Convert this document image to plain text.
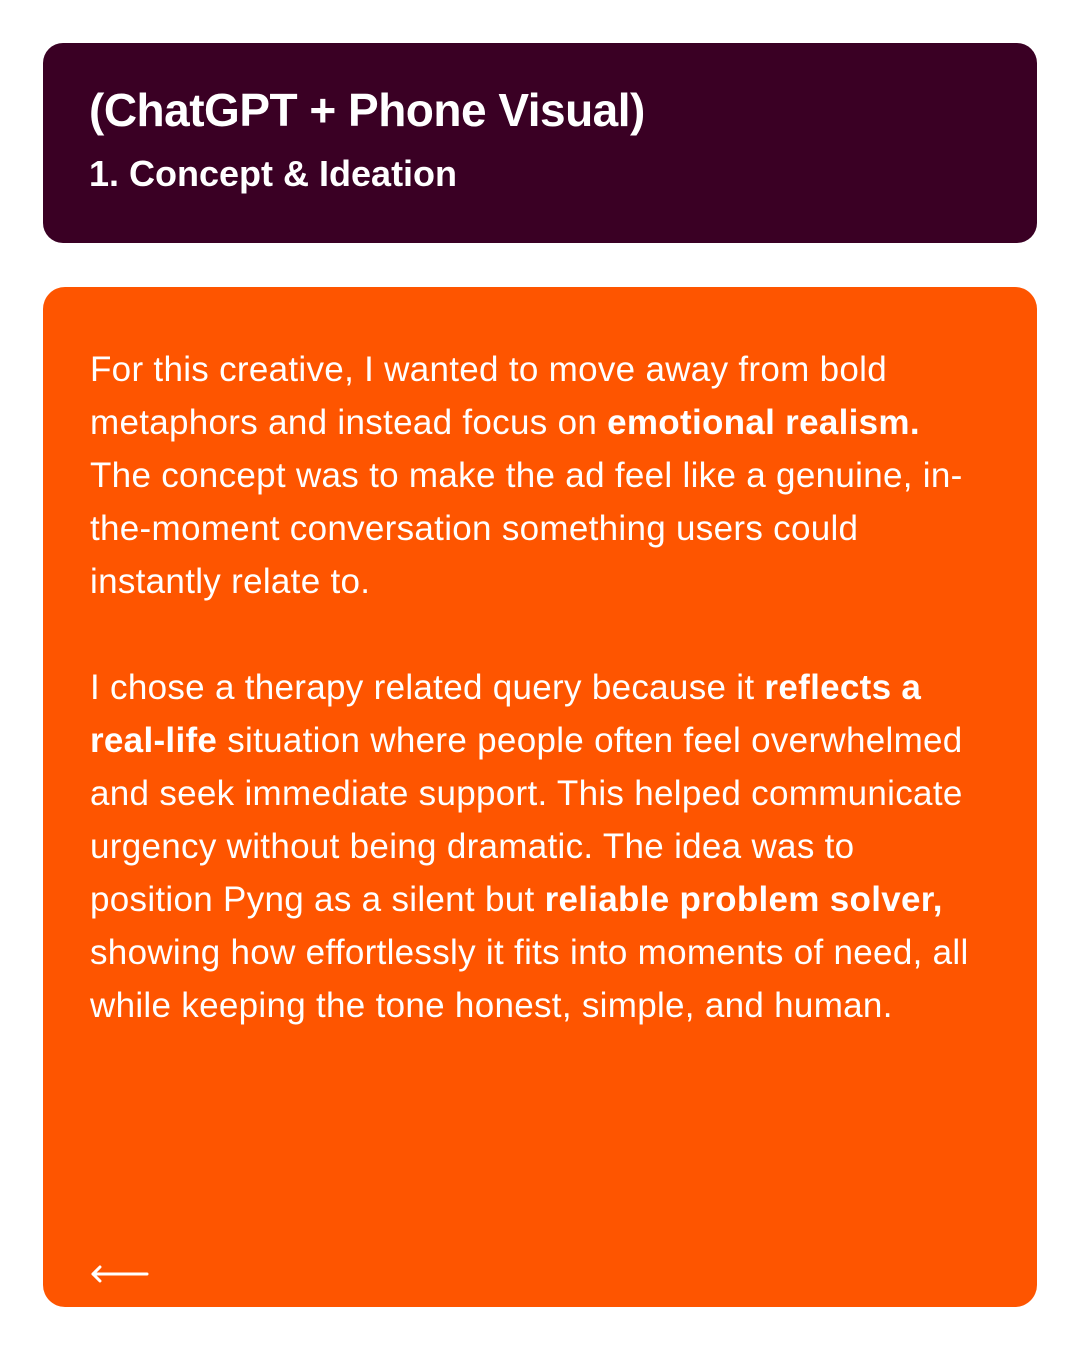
(ChatGPT + Phone Visual)
1. Concept & Ideation

For this creative, I wanted to move away from bold metaphors and instead focus on emotional realism. The concept was to make the ad feel like a genuine, in-the-moment conversation something users could instantly relate to.

I chose a therapy related query because it reflects a real-life situation where people often feel overwhelmed and seek immediate support. This helped communicate urgency without being dramatic. The idea was to position Pyng as a silent but reliable problem solver, showing how effortlessly it fits into moments of need, all while keeping the tone honest, simple, and human.
